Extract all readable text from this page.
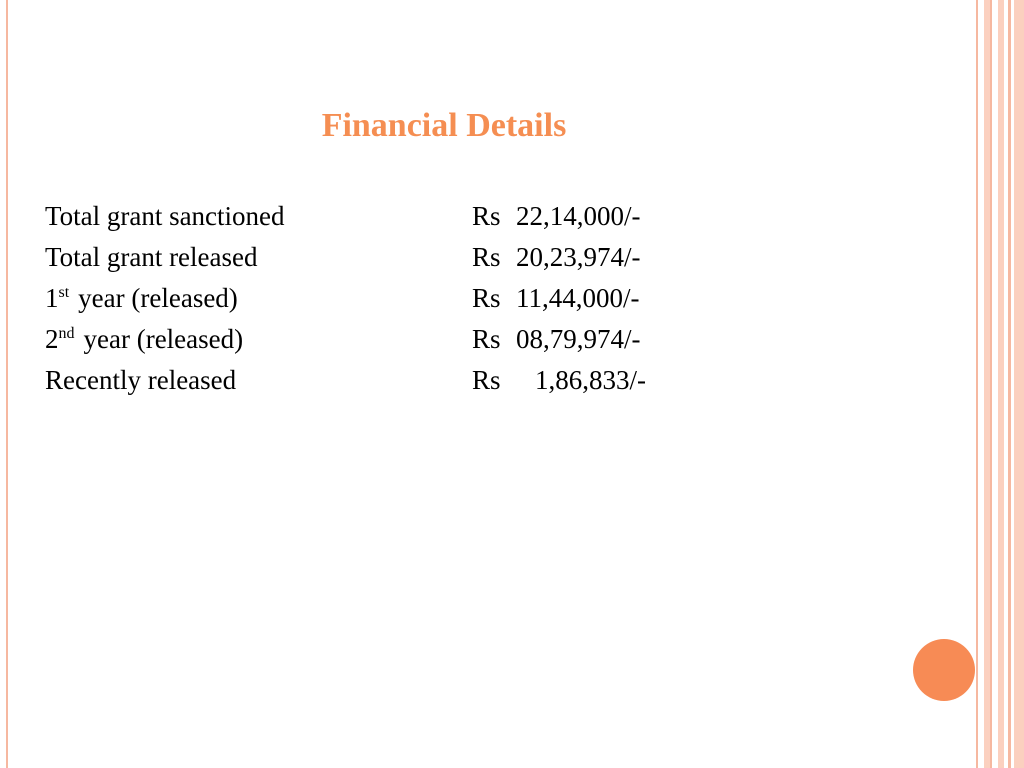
Financial Details
Total grant sanctioned	Rs 22,14,000/-
Total grant released	Rs 20,23,974/-
1st year (released)	Rs 11,44,000/-
2nd year (released)	Rs 08,79,974/-
Recently released	Rs 1,86,833/-
